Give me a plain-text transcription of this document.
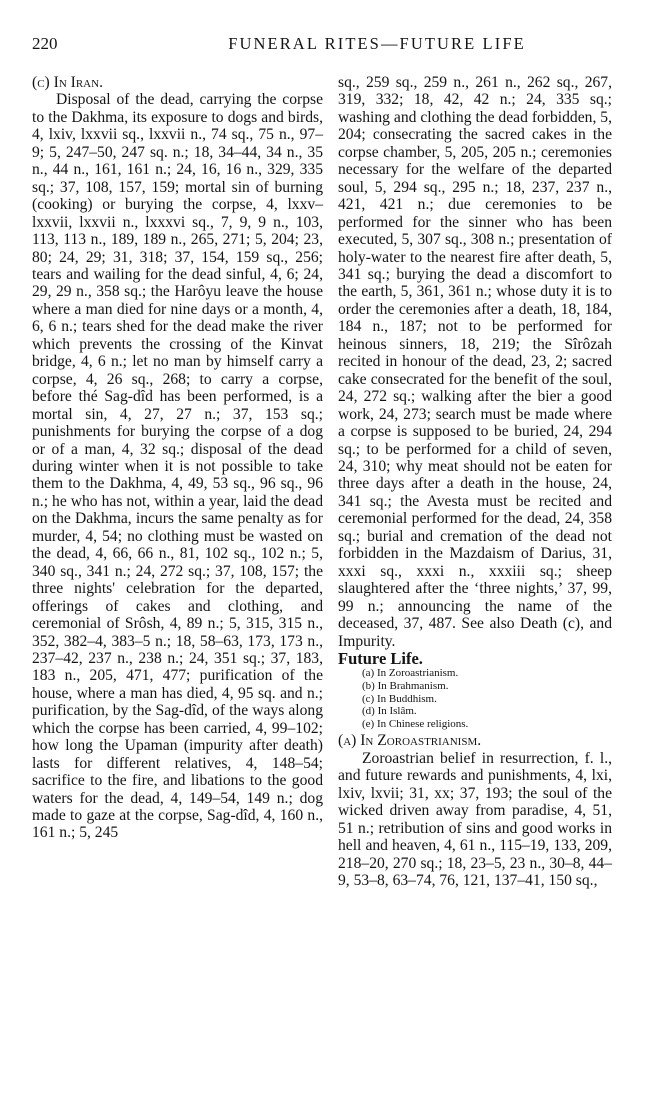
220	FUNERAL RITES—FUTURE LIFE

(c) In Iran.

Disposal of the dead, carrying the corpse to the Dakhma, its exposure to dogs and birds, 4, lxiv, lxxvii sq., lxxvii n., 74 sq., 75 n., 97–9; 5, 247–50, 247 sq. n.; 18, 34–44, 34 n., 35 n., 44 n., 161, 161 n.; 24, 16, 16 n., 329, 335 sq.; 37, 108, 157, 159; mortal sin of burning (cooking) or burying the corpse, 4, lxxv–lxxvii, lxxvii n., lxxxvi sq., 7, 9, 9 n., 103, 113, 113 n., 189, 189 n., 265, 271; 5, 204; 23, 80; 24, 29; 31, 318; 37, 154, 159 sq., 256; tears and wailing for the dead sinful, 4, 6; 24, 29, 29 n., 358 sq.; the Harôyu leave the house where a man died for nine days or a month, 4, 6, 6 n.; tears shed for the dead make the river which prevents the crossing of the Kinvat bridge, 4, 6 n.; let no man by himself carry a corpse, 4, 26 sq., 268; to carry a corpse, before thé Sag-dîd has been performed, is a mortal sin, 4, 27, 27 n.; 37, 153 sq.; punishments for burying the corpse of a dog or of a man, 4, 32 sq.; disposal of the dead during winter when it is not possible to take them to the Dakhma, 4, 49, 53 sq., 96 sq., 96 n.; he who has not, within a year, laid the dead on the Dakhma, incurs the same penalty as for murder, 4, 54; no clothing must be wasted on the dead, 4, 66, 66 n., 81, 102 sq., 102 n.; 5, 340 sq., 341 n.; 24, 272 sq.; 37, 108, 157; the three nights' celebration for the departed, offerings of cakes and clothing, and ceremonial of Srôsh, 4, 89 n.; 5, 315, 315 n., 352, 382–4, 383–5 n.; 18, 58–63, 173, 173 n., 237–42, 237 n., 238 n.; 24, 351 sq.; 37, 183, 183 n., 205, 471, 477; purification of the house, where a man has died, 4, 95 sq. and n.; purification, by the Sag-dîd, of the ways along which the corpse has been carried, 4, 99–102; how long the Upaman (impurity after death) lasts for different relatives, 4, 148–54; sacrifice to the fire, and libations to the good waters for the dead, 4, 149–54, 149 n.; dog made to gaze at the corpse, Sag-dîd, 4, 160 n., 161 n.; 5, 245

sq., 259 sq., 259 n., 261 n., 262 sq., 267, 319, 332; 18, 42, 42 n.; 24, 335 sq.; washing and clothing the dead forbidden, 5, 204; consecrating the sacred cakes in the corpse chamber, 5, 205, 205 n.; ceremonies necessary for the welfare of the departed soul, 5, 294 sq., 295 n.; 18, 237, 237 n., 421, 421 n.; due ceremonies to be performed for the sinner who has been executed, 5, 307 sq., 308 n.; presentation of holy-water to the nearest fire after death, 5, 341 sq.; burying the dead a discomfort to the earth, 5, 361, 361 n.; whose duty it is to order the ceremonies after a death, 18, 184, 184 n., 187; not to be performed for heinous sinners, 18, 219; the Sîrôzah recited in honour of the dead, 23, 2; sacred cake consecrated for the benefit of the soul, 24, 272 sq.; walking after the bier a good work, 24, 273; search must be made where a corpse is supposed to be buried, 24, 294 sq.; to be performed for a child of seven, 24, 310; why meat should not be eaten for three days after a death in the house, 24, 341 sq.; the Avesta must be recited and ceremonial performed for the dead, 24, 358 sq.; burial and cremation of the dead not forbidden in the Mazdaism of Darius, 31, xxxi sq., xxxi n., xxxiii sq.; sheep slaughtered after the ‘three nights,’ 37, 99, 99 n.; announcing the name of the deceased, 37, 487. See also Death (c), and Impurity.

Future Life.

(a) In Zoroastrianism.
(b) In Brahmanism.
(c) In Buddhism.
(d) In Islâm.
(e) In Chinese religions.

(a) In Zoroastrianism.

Zoroastrian belief in resurrection, f. l., and future rewards and punishments, 4, lxi, lxiv, lxvii; 31, xx; 37, 193; the soul of the wicked driven away from paradise, 4, 51, 51 n.; retribution of sins and good works in hell and heaven, 4, 61 n., 115–19, 133, 209, 218–20, 270 sq.; 18, 23–5, 23 n., 30–8, 44–9, 53–8, 63–74, 76, 121, 137–41, 150 sq.,
